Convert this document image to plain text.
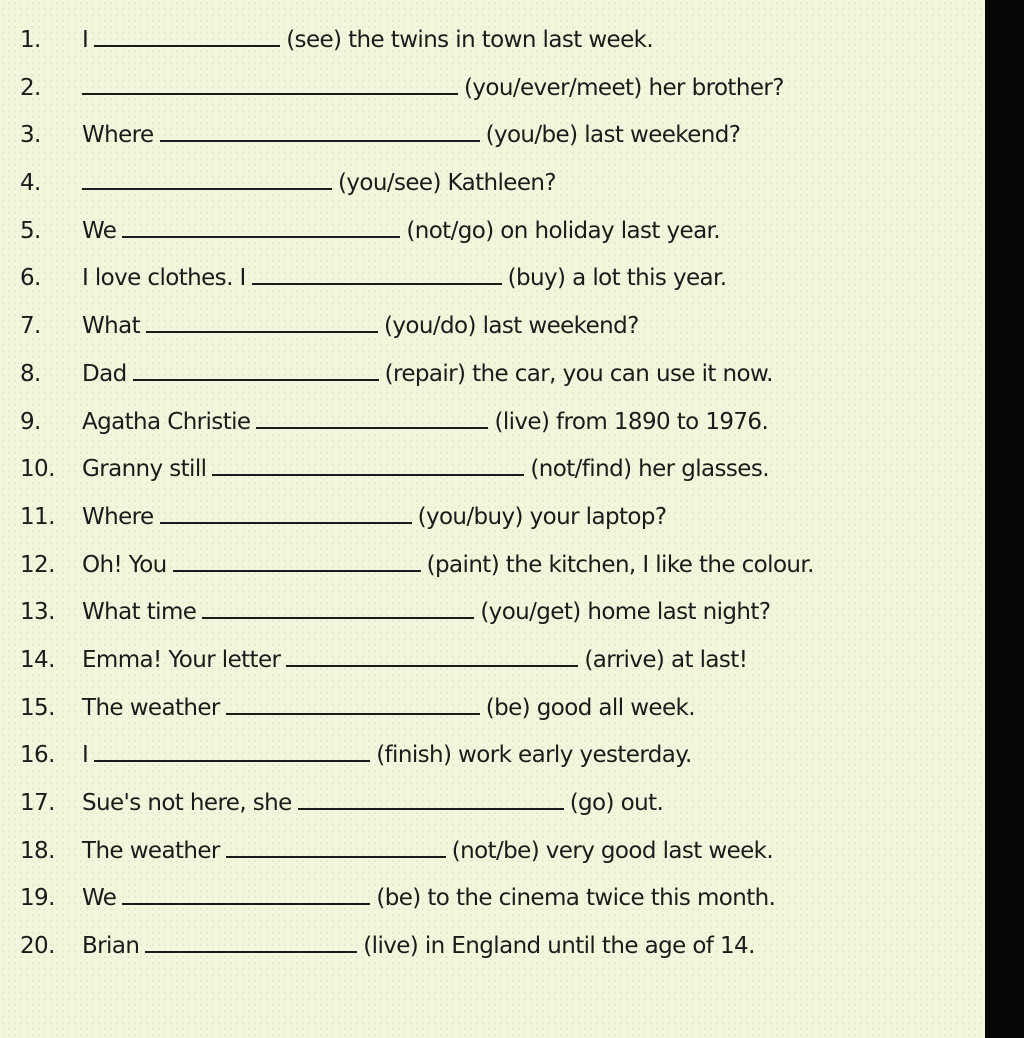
1.	I	(see) the twins in town last week.
2.	(you/ever/meet) her brother?
3.	Where	(you/be) last weekend?
4.	(you/see) Kathleen?
5.	We	(not/go) on holiday last year.
6.	I love clothes. I	(buy) a lot this year.
7.	What	(you/do) last weekend?
8.	Dad	(repair) the car, you can use it now.
9.	Agatha Christie	(live) from 1890 to 1976.
10.	Granny still	(not/find) her glasses.
11.	Where	(you/buy) your laptop?
12.	Oh! You	(paint) the kitchen, I like the colour.
13.	What time	(you/get) home last night?
14.	Emma! Your letter	(arrive) at last!
15.	The weather	(be) good all week.
16.	I	(finish) work early yesterday.
17.	Sue's not here, she	(go) out.
18.	The weather	(not/be) very good last week.
19.	We	(be) to the cinema twice this month.
20.	Brian	(live) in England until the age of 14.
